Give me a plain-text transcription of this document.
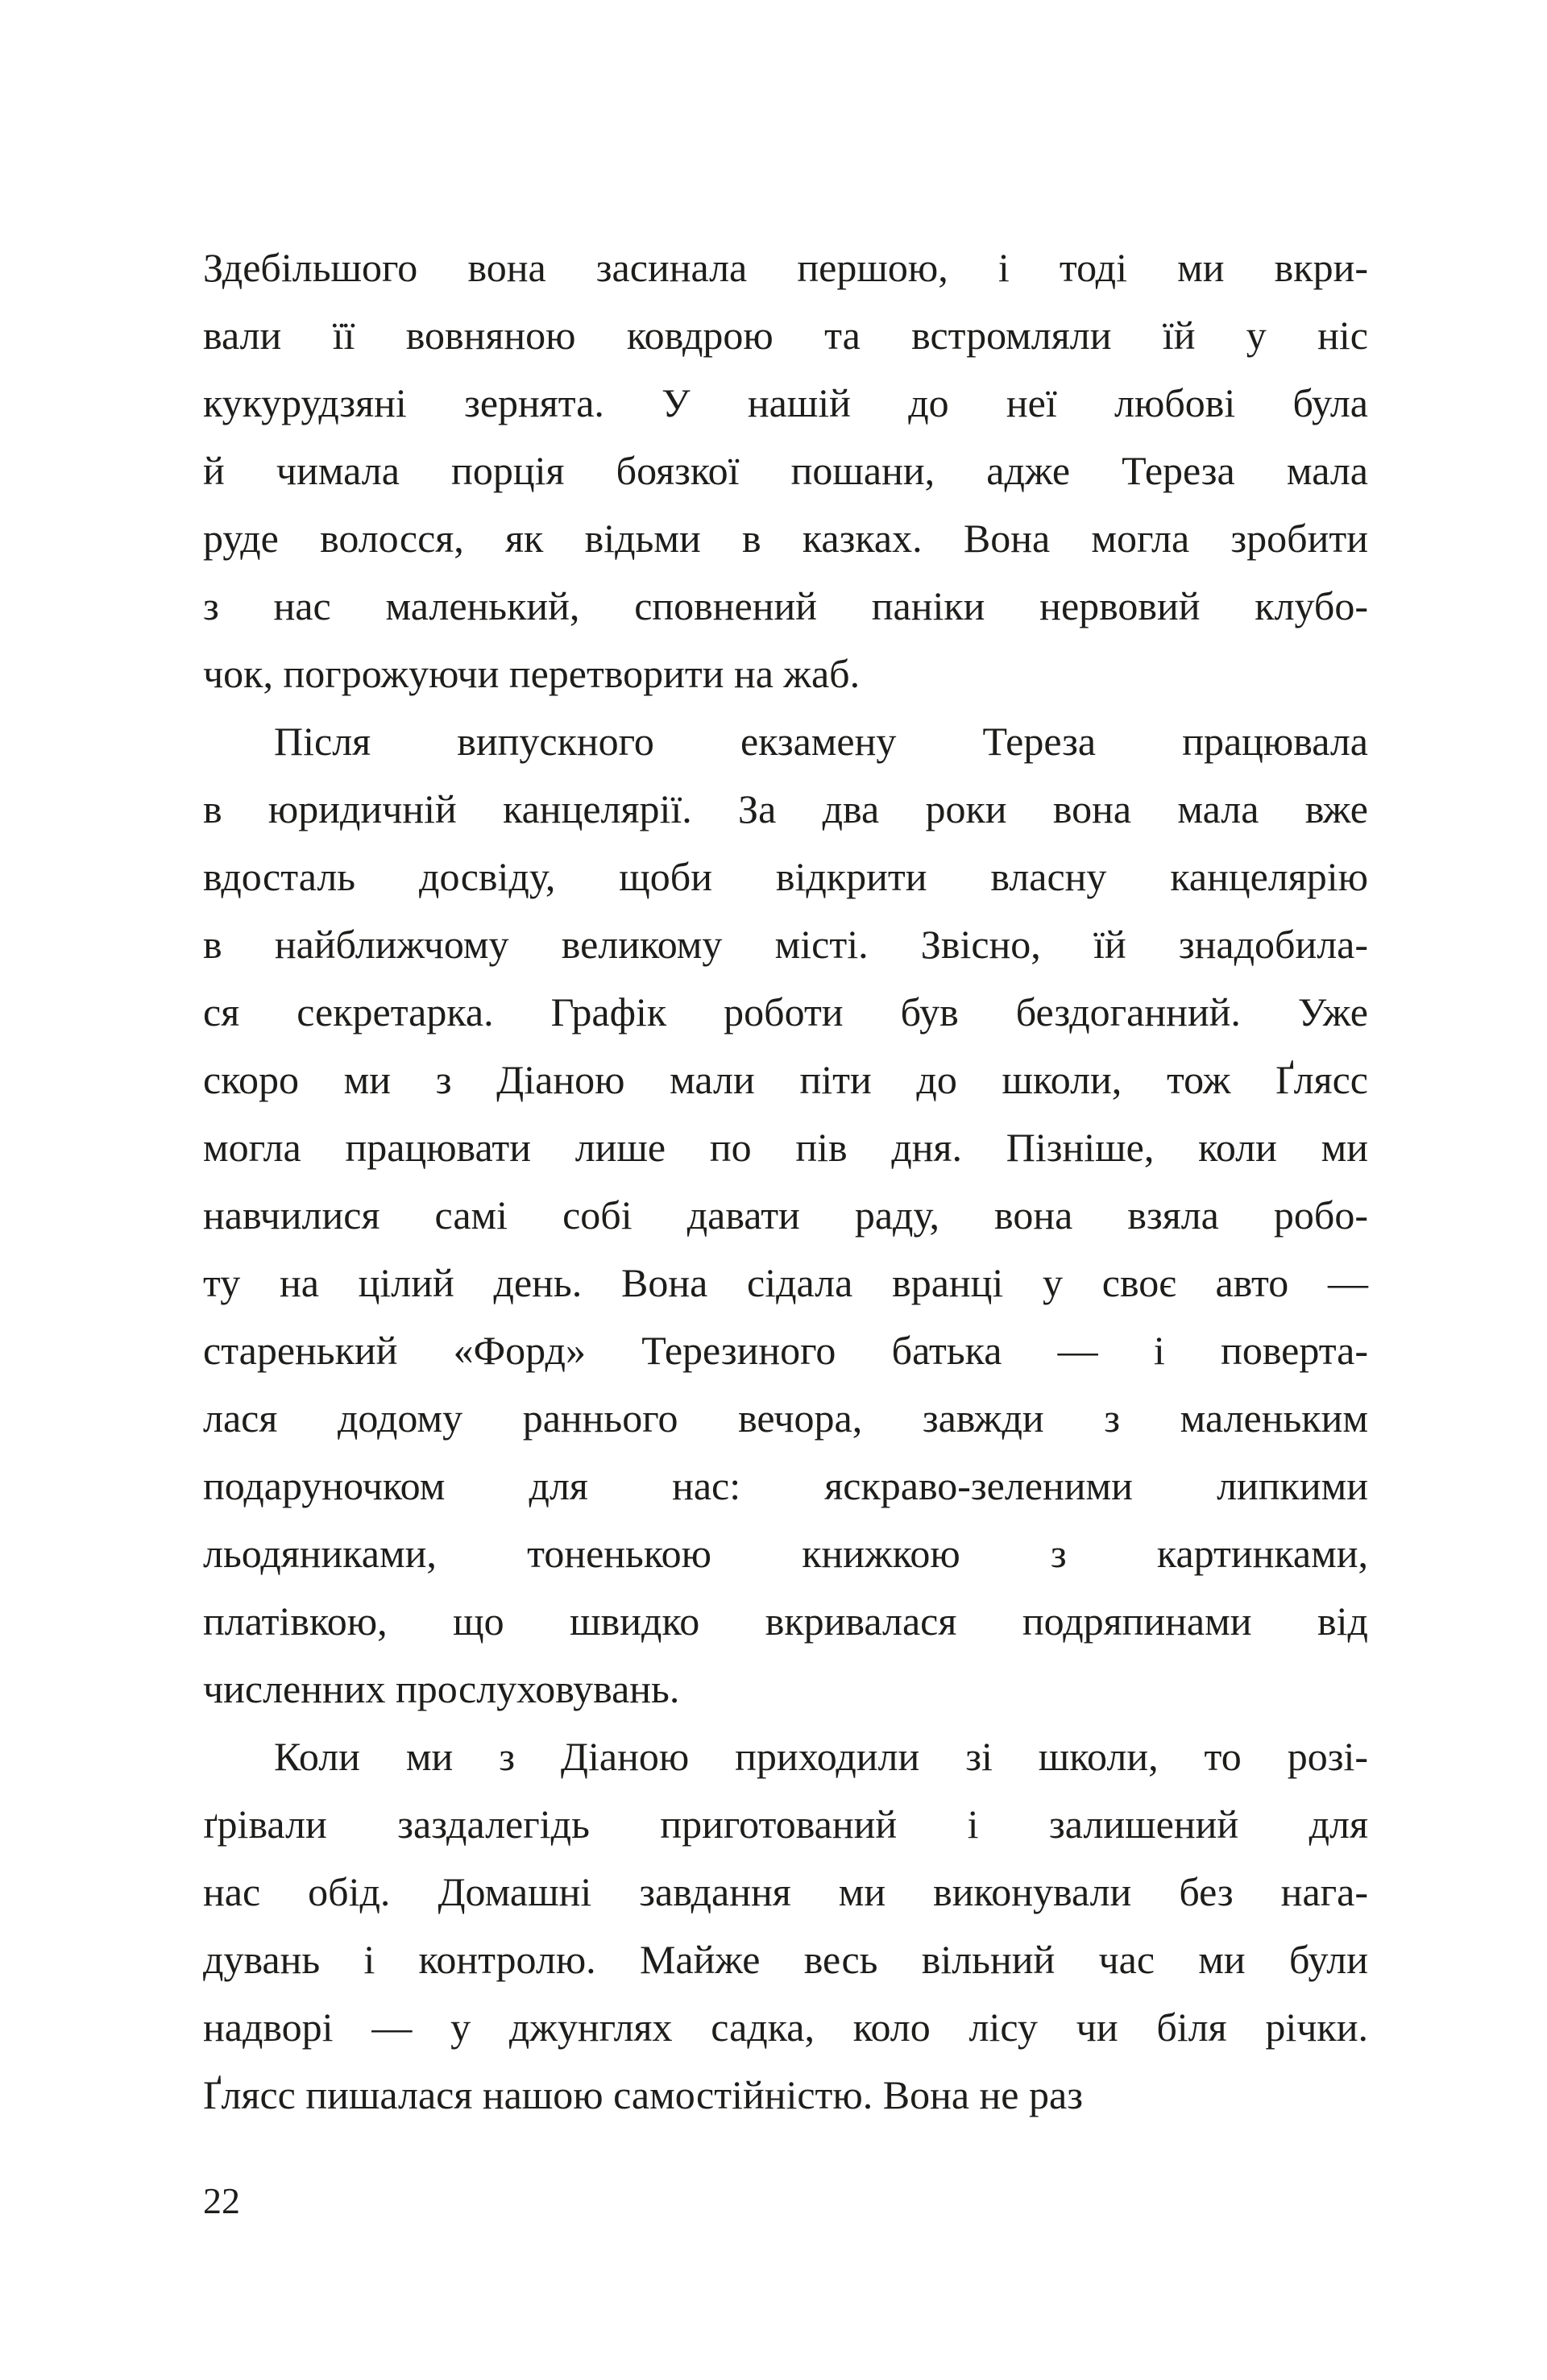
Здебільшого вона засинала першою, і тоді ми вкри-
вали її вовняною ковдрою та встромляли їй у ніс
кукурудзяні зернята. У нашій до неї любові була
й чимала порція боязкої пошани, адже Тереза мала
руде волосся, як відьми в казках. Вона могла зробити
з нас маленький, сповнений паніки нервовий клубо-
чок, погрожуючи перетворити на жаб.
Після випускного екзамену Тереза працювала
в юридичній канцелярії. За два роки вона мала вже
вдосталь досвіду, щоби відкрити власну канцелярію
в найближчому великому місті. Звісно, їй знадобила-
ся секретарка. Графік роботи був бездоганний. Уже
скоро ми з Діаною мали піти до школи, тож Ґлясс
могла працювати лише по пів дня. Пізніше, коли ми
навчилися самі собі давати раду, вона взяла робо-
ту на цілий день. Вона сідала вранці у своє авто —
старенький «Форд» Терезиного батька — і поверта-
лася додому раннього вечора, завжди з маленьким
подаруночком для нас: яскраво-зеленими липкими
льодяниками, тоненькою книжкою з картинками,
платівкою, що швидко вкривалася подряпинами від
численних прослуховувань.
Коли ми з Діаною приходили зі школи, то розі-
ґрівали заздалегідь приготований і залишений для
нас обід. Домашні завдання ми виконували без нага-
дувань і контролю. Майже весь вільний час ми були
надворі — у джунглях садка, коло лісу чи біля річки.
Ґлясс пишалася нашою самостійністю. Вона не раз
22
